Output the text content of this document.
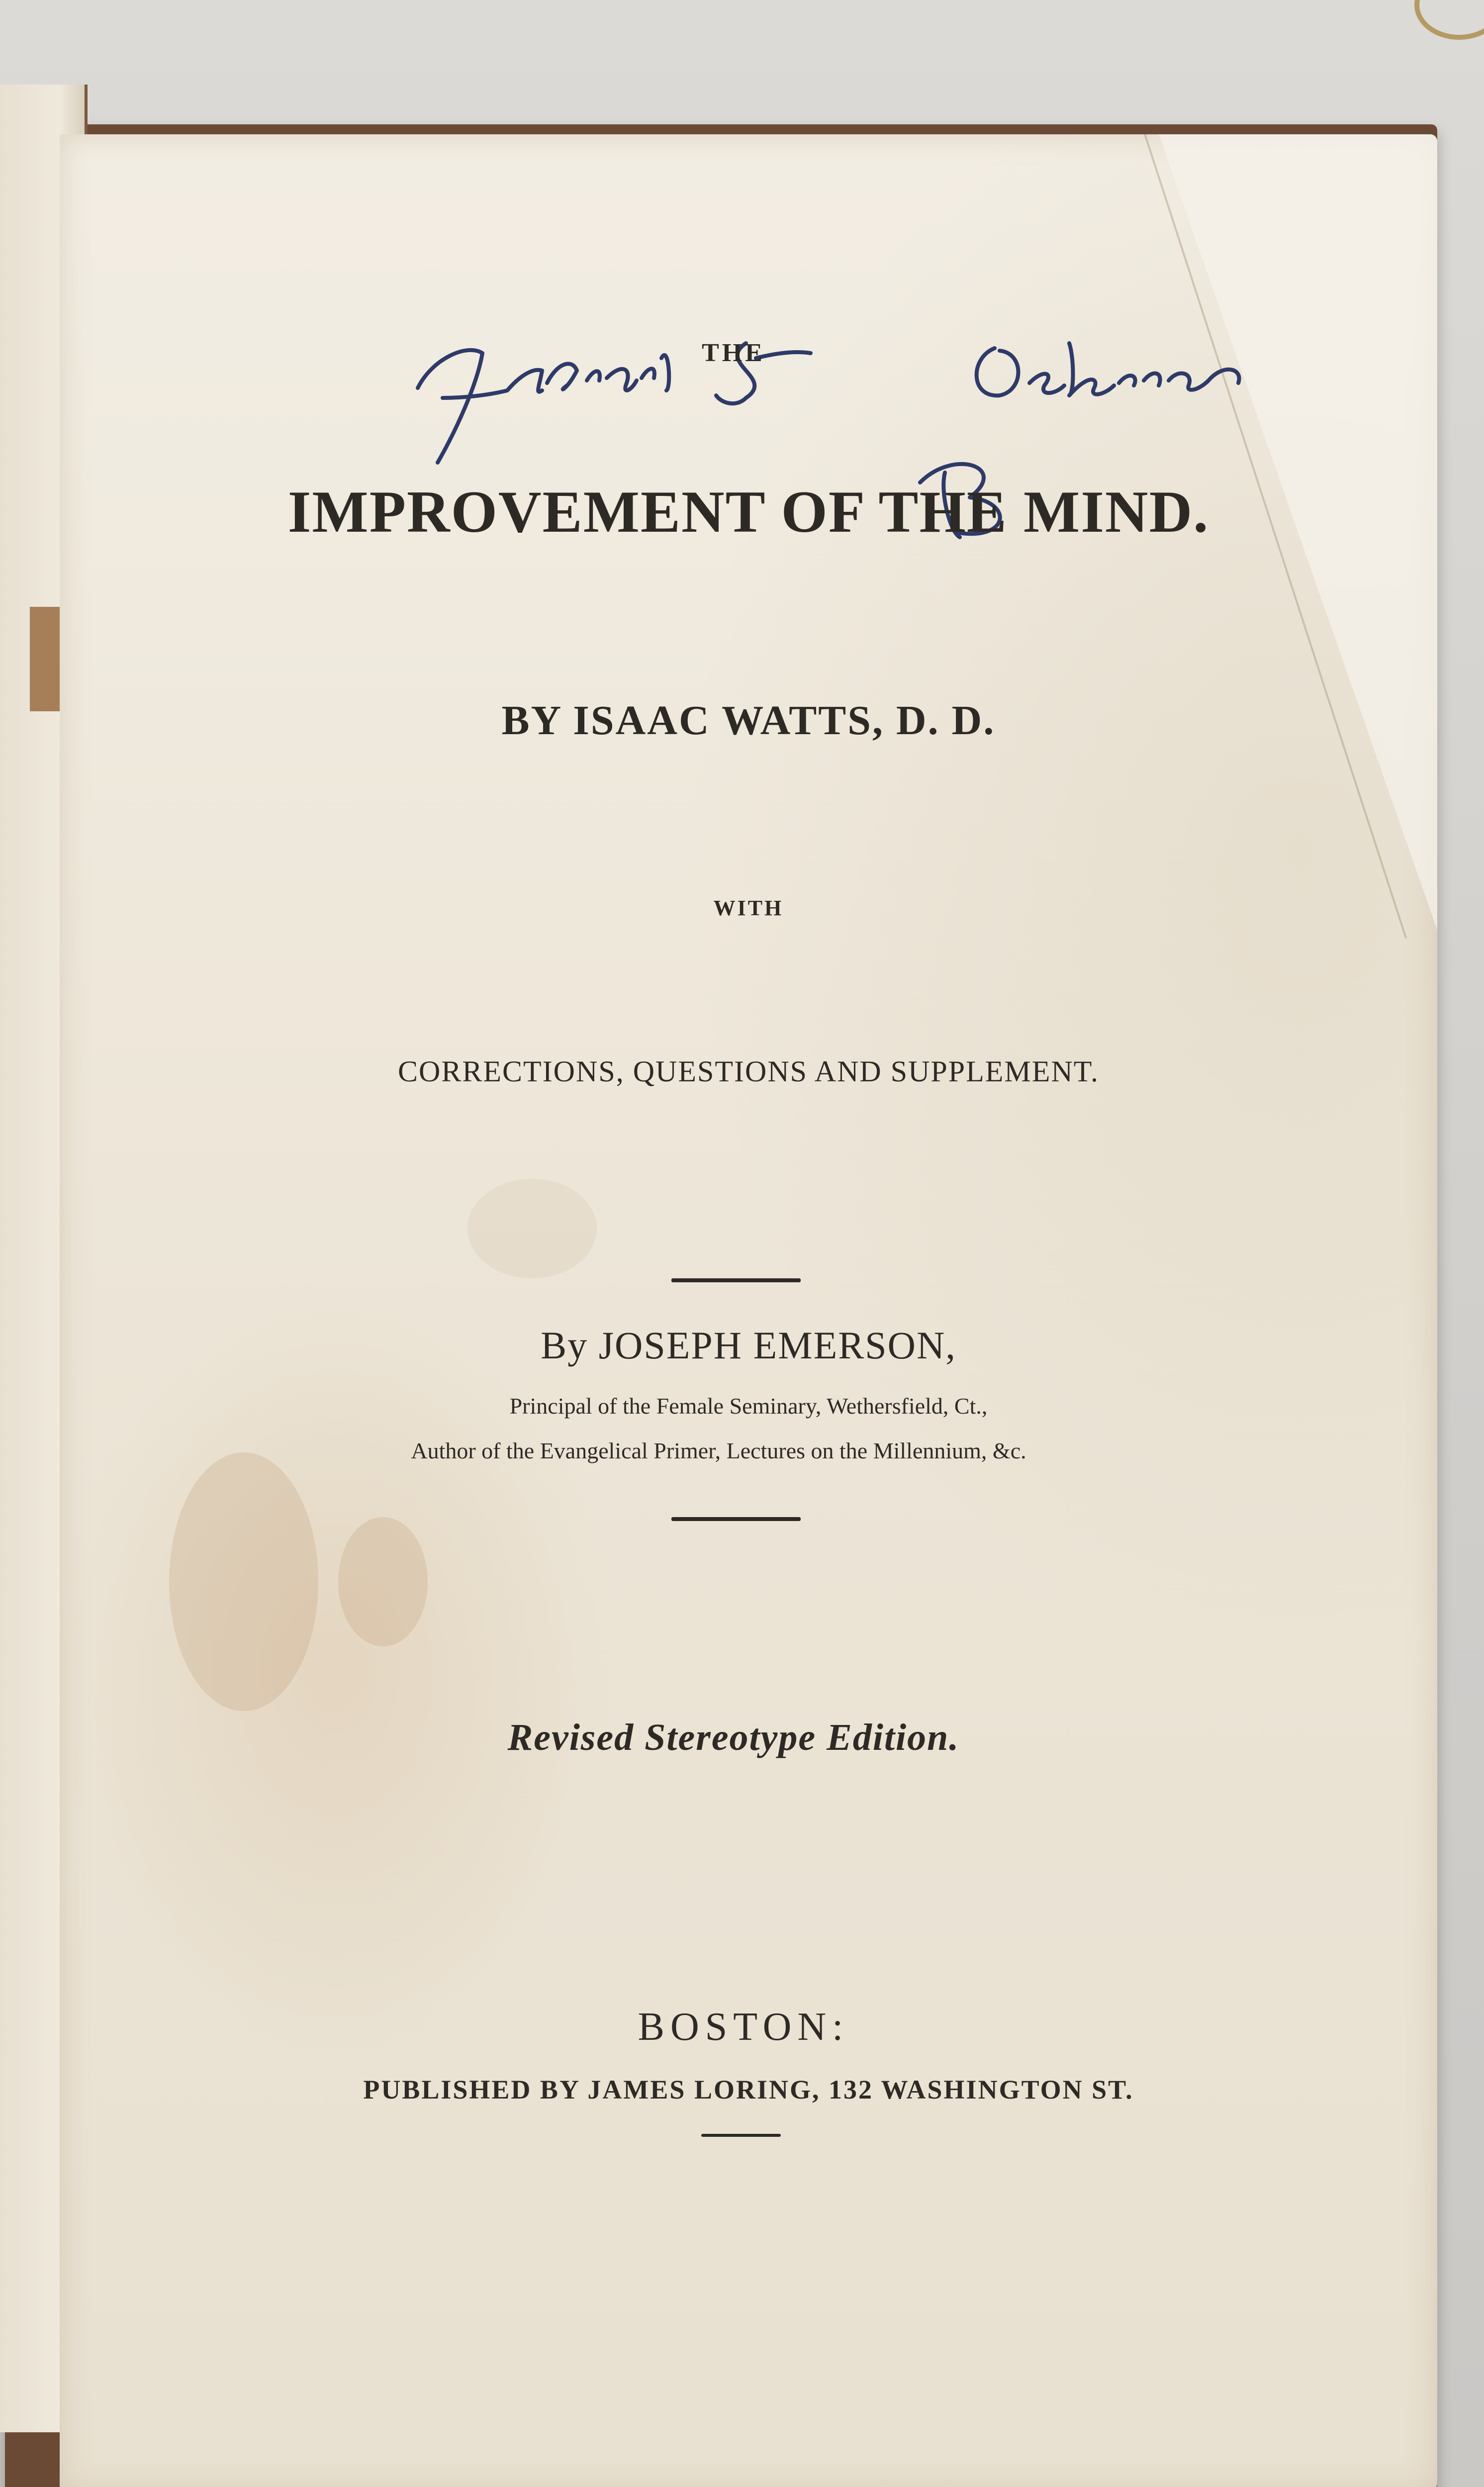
THE
IMPROVEMENT OF THE MIND.
BY ISAAC WATTS, D. D.
WITH
CORRECTIONS, QUESTIONS AND SUPPLEMENT.
By JOSEPH EMERSON,
Principal of the Female Seminary, Wethersfield, Ct.,
Author of the Evangelical Primer, Lectures on the Millennium, &c.
Revised Stereotype Edition.
BOSTON:
PUBLISHED BY JAMES LORING, 132 WASHINGTON ST.
